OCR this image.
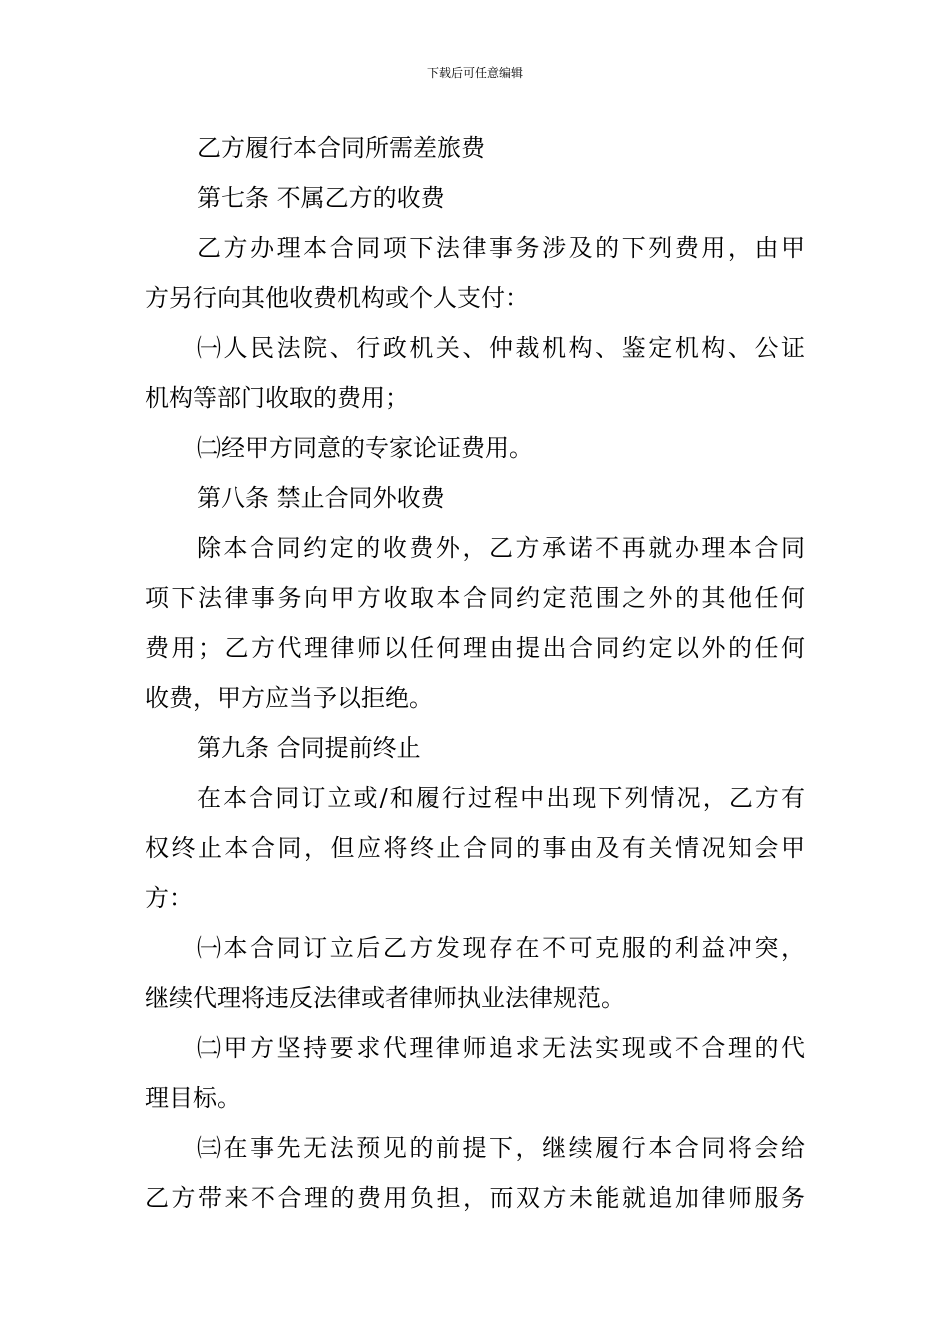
下载后可任意编辑
乙方履行本合同所需差旅费
第七条 不属乙方的收费
乙方办理本合同项下法律事务涉及的下列费用，由甲
方另行向其他收费机构或个人支付：
㈠人民法院、行政机关、仲裁机构、鉴定机构、公证
机构等部门收取的费用；
㈡经甲方同意的专家论证费用。
第八条 禁止合同外收费
除本合同约定的收费外，乙方承诺不再就办理本合同
项下法律事务向甲方收取本合同约定范围之外的其他任何
费用；乙方代理律师以任何理由提出合同约定以外的任何
收费，甲方应当予以拒绝。
第九条 合同提前终止
在本合同订立或/和履行过程中出现下列情况，乙方有
权终止本合同，但应将终止合同的事由及有关情况知会甲
方：
㈠本合同订立后乙方发现存在不可克服的利益冲突，
继续代理将违反法律或者律师执业法律规范。
㈡甲方坚持要求代理律师追求无法实现或不合理的代
理目标。
㈢在事先无法预见的前提下，继续履行本合同将会给
乙方带来不合理的费用负担，而双方未能就追加律师服务
